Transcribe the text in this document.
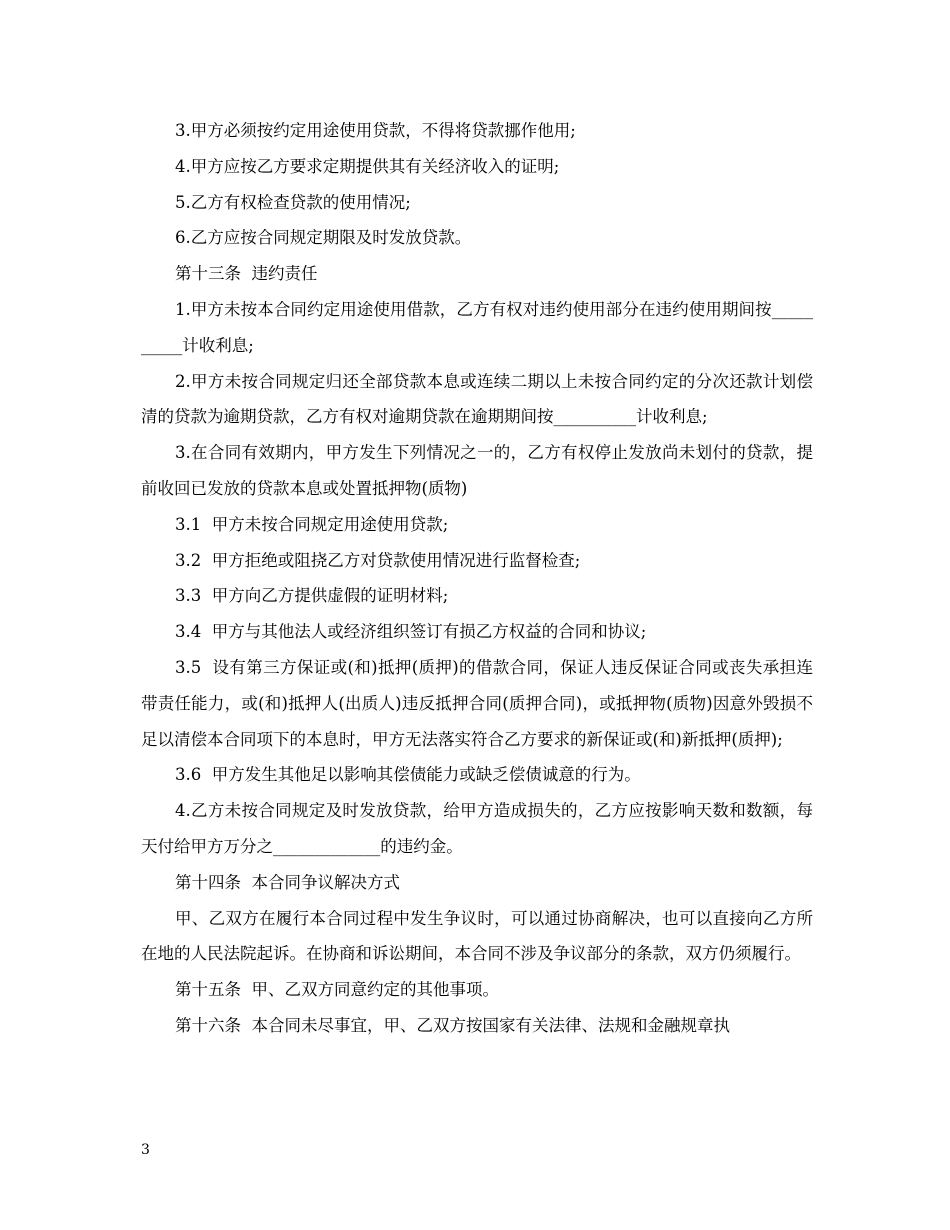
3.甲方必须按约定用途使用贷款，不得将贷款挪作他用;

4.甲方应按乙方要求定期提供其有关经济收入的证明;

5.乙方有权检查贷款的使用情况;

6.乙方应按合同规定期限及时发放贷款。

第十三条  违约责任

1.甲方未按本合同约定用途使用借款，乙方有权对违约使用部分在违约使用期间按__________计收利息;

2.甲方未按合同规定归还全部贷款本息或连续二期以上未按合同约定的分次还款计划偿清的贷款为逾期贷款，乙方有权对逾期贷款在逾期期间按__________计收利息;

3.在合同有效期内，甲方发生下列情况之一的，乙方有权停止发放尚未划付的贷款，提前收回已发放的贷款本息或处置抵押物(质物)

3.1  甲方未按合同规定用途使用贷款;

3.2  甲方拒绝或阻挠乙方对贷款使用情况进行监督检查;

3.3  甲方向乙方提供虚假的证明材料;

3.4  甲方与其他法人或经济组织签订有损乙方权益的合同和协议;

3.5  设有第三方保证或(和)抵押(质押)的借款合同，保证人违反保证合同或丧失承担连带责任能力，或(和)抵押人(出质人)违反抵押合同(质押合同)，或抵押物(质物)因意外毁损不足以清偿本合同项下的本息时，甲方无法落实符合乙方要求的新保证或(和)新抵押(质押);

3.6  甲方发生其他足以影响其偿债能力或缺乏偿债诚意的行为。

4.乙方未按合同规定及时发放贷款，给甲方造成损失的，乙方应按影响天数和数额，每天付给甲方万分之_____________的违约金。

第十四条  本合同争议解决方式

甲、乙双方在履行本合同过程中发生争议时，可以通过协商解决，也可以直接向乙方所在地的人民法院起诉。在协商和诉讼期间，本合同不涉及争议部分的条款，双方仍须履行。

第十五条  甲、乙双方同意约定的其他事项。

第十六条  本合同未尽事宜，甲、乙双方按国家有关法律、法规和金融规章执

3
